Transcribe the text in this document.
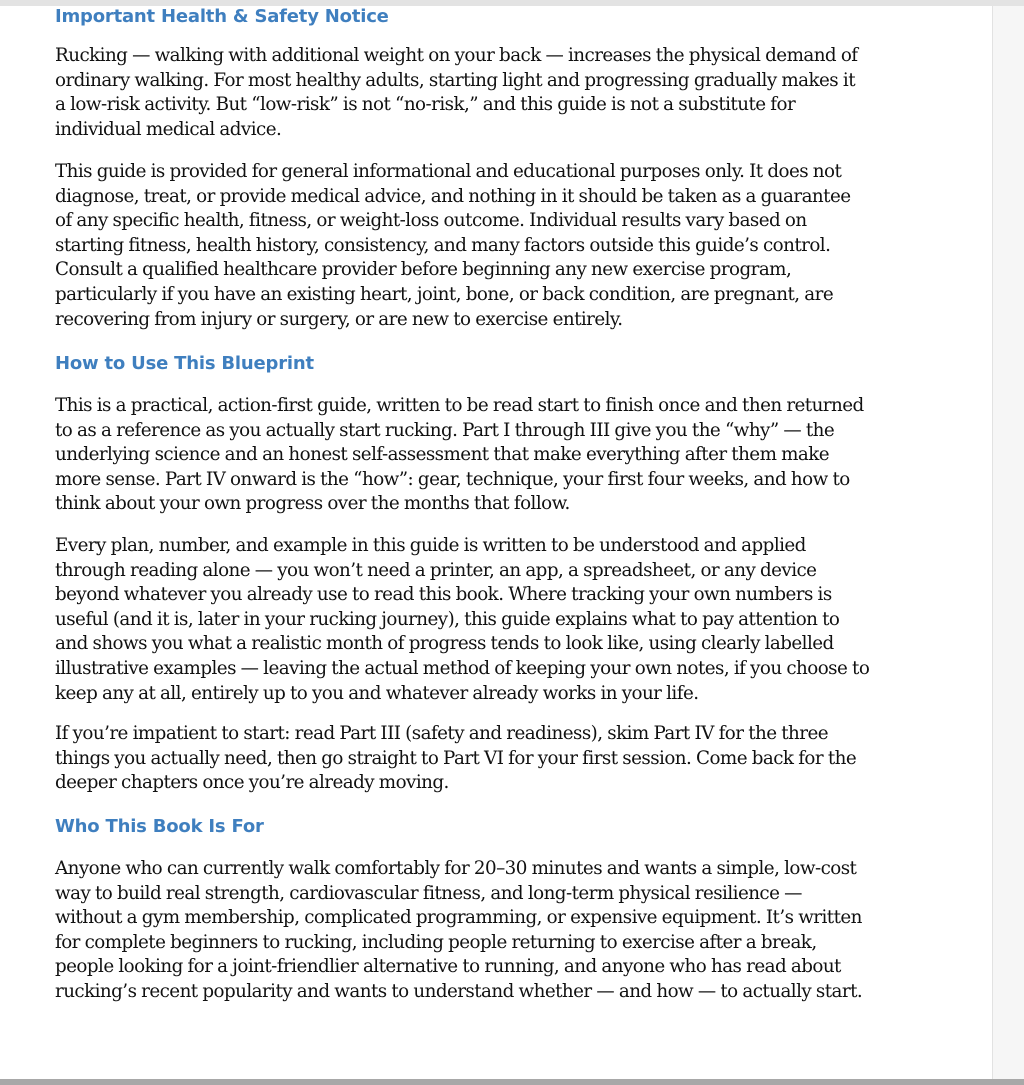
Important Health & Safety Notice

Rucking — walking with additional weight on your back — increases the physical demand of ordinary walking. For most healthy adults, starting light and progressing gradually makes it a low-risk activity. But “low-risk” is not “no-risk,” and this guide is not a substitute for individual medical advice.

This guide is provided for general informational and educational purposes only. It does not diagnose, treat, or provide medical advice, and nothing in it should be taken as a guarantee of any specific health, fitness, or weight-loss outcome. Individual results vary based on starting fitness, health history, consistency, and many factors outside this guide’s control. Consult a qualified healthcare provider before beginning any new exercise program, particularly if you have an existing heart, joint, bone, or back condition, are pregnant, are recovering from injury or surgery, or are new to exercise entirely.

How to Use This Blueprint

This is a practical, action-first guide, written to be read start to finish once and then returned to as a reference as you actually start rucking. Part I through III give you the “why” — the underlying science and an honest self-assessment that make everything after them make more sense. Part IV onward is the “how”: gear, technique, your first four weeks, and how to think about your own progress over the months that follow.

Every plan, number, and example in this guide is written to be understood and applied through reading alone — you won’t need a printer, an app, a spreadsheet, or any device beyond whatever you already use to read this book. Where tracking your own numbers is useful (and it is, later in your rucking journey), this guide explains what to pay attention to and shows you what a realistic month of progress tends to look like, using clearly labelled illustrative examples — leaving the actual method of keeping your own notes, if you choose to keep any at all, entirely up to you and whatever already works in your life.

If you’re impatient to start: read Part III (safety and readiness), skim Part IV for the three things you actually need, then go straight to Part VI for your first session. Come back for the deeper chapters once you’re already moving.

Who This Book Is For

Anyone who can currently walk comfortably for 20–30 minutes and wants a simple, low-cost way to build real strength, cardiovascular fitness, and long-term physical resilience — without a gym membership, complicated programming, or expensive equipment. It’s written for complete beginners to rucking, including people returning to exercise after a break, people looking for a joint-friendlier alternative to running, and anyone who has read about rucking’s recent popularity and wants to understand whether — and how — to actually start.
